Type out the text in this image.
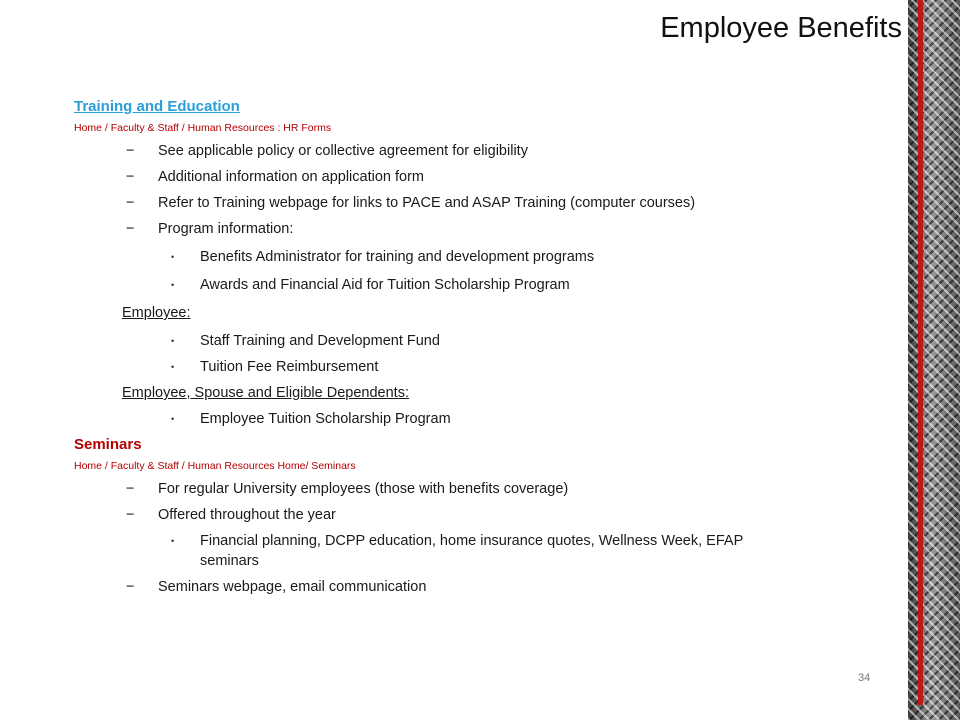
Employee Benefits
Training and Education
Home / Faculty & Staff / Human Resources : HR Forms
−	See applicable policy or collective agreement for eligibility
−	Additional information on application form
−	Refer to Training webpage for links to PACE and ASAP Training (computer courses)
−	Program information:
• Benefits Administrator for training and development programs
• Awards and Financial Aid for Tuition Scholarship Program
Employee:
• Staff Training and Development Fund
• Tuition Fee Reimbursement
Employee, Spouse and Eligible Dependents:
• Employee Tuition Scholarship Program
Seminars
Home / Faculty & Staff / Human Resources Home/ Seminars
−	For regular University employees (those with benefits coverage)
−	Offered throughout the year
• Financial planning, DCPP education, home insurance quotes, Wellness Week, EFAP seminars
−	Seminars webpage, email communication
34
